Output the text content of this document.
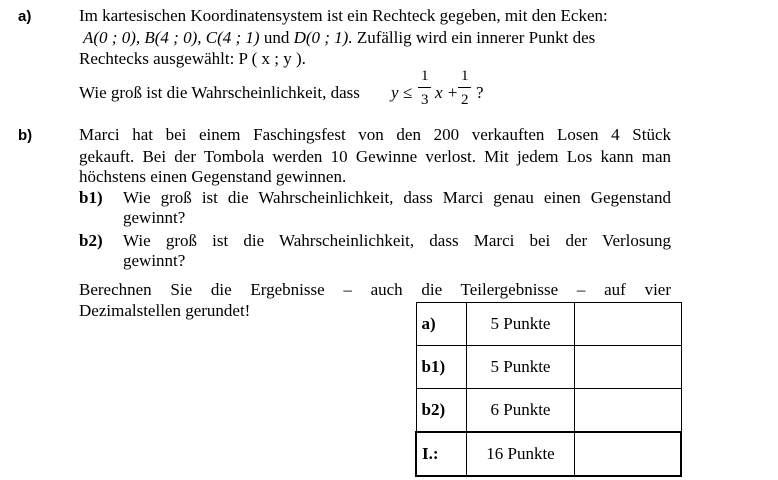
a)	Im kartesischen Koordinatensystem ist ein Rechteck gegeben, mit den Ecken:
A(0 ; 0), B(4 ; 0), C(4 ; 1) und D(0 ; 1). Zufällig wird ein innerer Punkt des
Rechtecks ausgewählt: P ( x ; y ).
Wie groß ist die Wahrscheinlichkeit, dass y ≤
1
3 x +
1
2 ?
b)	Marci hat bei einem Faschingsfest von den 200 verkauften Losen 4 Stück
gekauft. Bei der Tombola werden 10 Gewinne verlost. Mit jedem Los kann man
höchstens einen Gegenstand gewinnen.
b1) Wie groß ist die Wahrscheinlichkeit, dass Marci genau einen Gegenstand
gewinnt?
b2) Wie groß ist die Wahrscheinlichkeit, dass Marci bei der Verlosung
gewinnt?
Berechnen Sie die Ergebnisse – auch die Teilergebnisse – auf vier
Dezimalstellen gerundet!
a)	5 Punkte	
b1)	5 Punkte	
b2)	6 Punkte	
I.:	16 Punkte	
